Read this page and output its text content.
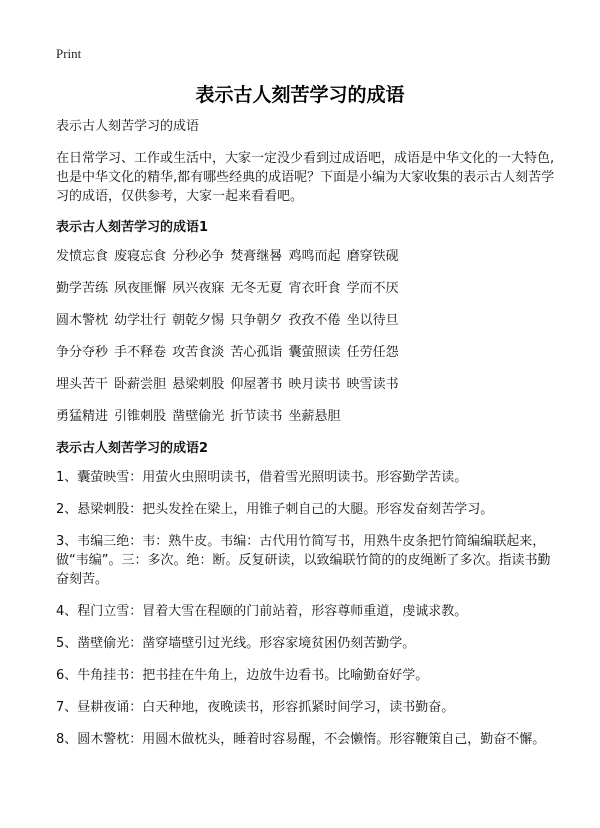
Print
表示古人刻苦学习的成语

表示古人刻苦学习的成语

在日常学习、工作或生活中，大家一定没少看到过成语吧，成语是中华文化的一大特色,也是中华文化的精华,都有哪些经典的成语呢？下面是小编为大家收集的表示古人刻苦学习的成语，仅供参考，大家一起来看看吧。

表示古人刻苦学习的成语1

发愤忘食 废寝忘食 分秒必争 焚膏继晷 鸡鸣而起 磨穿铁砚

勤学苦练 夙夜匪懈 夙兴夜寐 无冬无夏 宵衣旰食 学而不厌

圆木警枕 幼学壮行 朝乾夕惕 只争朝夕 孜孜不倦 坐以待旦

争分夺秒 手不释卷 攻苦食淡 苦心孤诣 囊萤照读 任劳任怨

埋头苦干 卧薪尝胆 悬梁刺股 仰屋著书 映月读书 映雪读书

勇猛精进 引锥刺股 凿壁偷光 折节读书 坐薪悬胆

表示古人刻苦学习的成语2

1、囊萤映雪：用萤火虫照明读书，借着雪光照明读书。形容勤学苦读。

2、悬梁刺股：把头发拴在梁上，用锥子刺自己的大腿。形容发奋刻苦学习。

3、韦编三绝：韦：熟牛皮。韦编：古代用竹简写书，用熟牛皮条把竹简编编联起来，做“韦编”。三：多次。绝：断。反复研读，以致编联竹简的的皮绳断了多次。指读书勤奋刻苦。

4、程门立雪：冒着大雪在程颐的门前站着，形容尊师重道，虔诚求教。

5、凿壁偷光：凿穿墙壁引过光线。形容家境贫困仍刻苦勤学。

6、牛角挂书：把书挂在牛角上，边放牛边看书。比喻勤奋好学。

7、昼耕夜诵：白天种地，夜晚读书，形容抓紧时间学习，读书勤奋。

8、圆木警枕：用圆木做枕头，睡着时容易醒，不会懒惰。形容鞭策自己，勤奋不懈。
